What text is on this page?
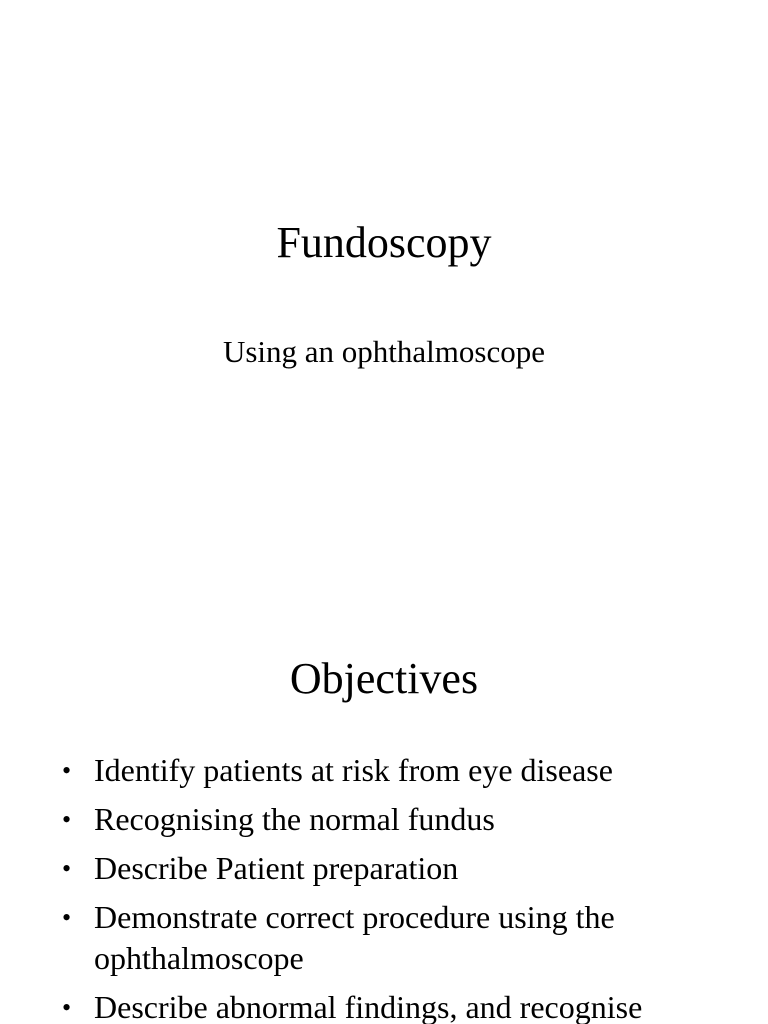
Fundoscopy

Using an ophthalmoscope

Objectives
• Identify patients at risk from eye disease
• Recognising the normal fundus
• Describe Patient preparation
• Demonstrate correct procedure using the ophthalmoscope
• Describe abnormal findings, and recognise
